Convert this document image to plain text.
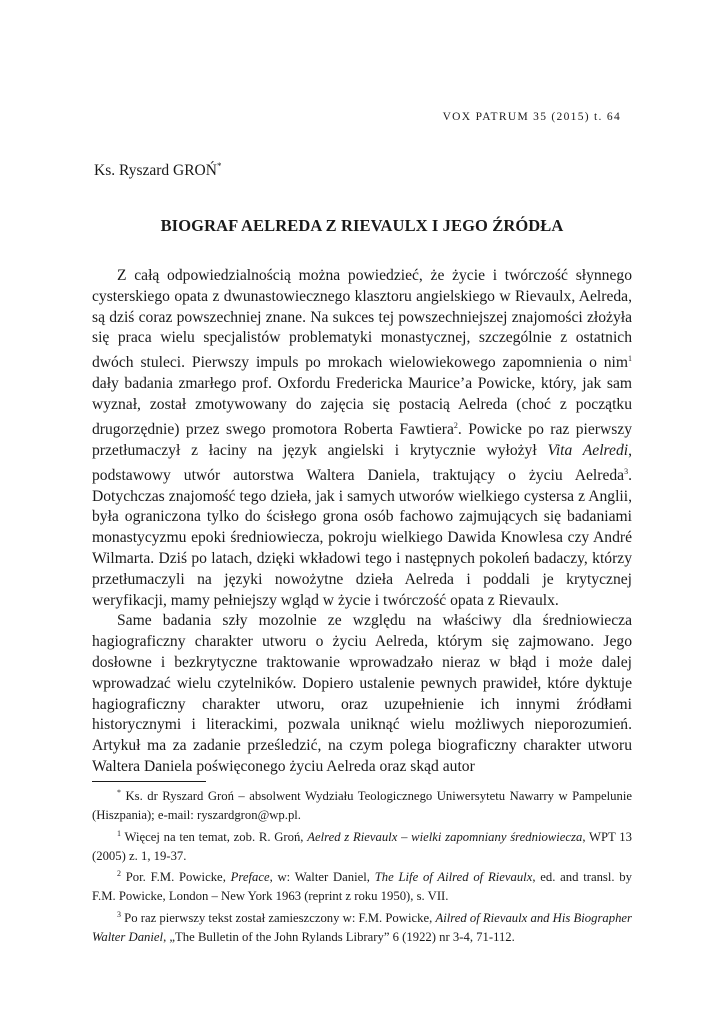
VOX PATRUM 35 (2015) t. 64
Ks. Ryszard GROŃ*
BIOGRAF AELREDA Z RIEVAULX I JEGO ŹRÓDŁA

Z całą odpowiedzialnością można powiedzieć, że życie i twórczość słynnego cysterskiego opata z dwunastowiecznego klasztoru angielskiego w Rievaulx, Aelreda, są dziś coraz powszechniej znane. Na sukces tej powszechniejszej znajomości złożyła się praca wielu specjalistów problematyki monastycznej, szczególnie z ostatnich dwóch stuleci. Pierwszy impuls po mrokach wielowiekowego zapomnienia o nim$^1$ dały badania zmarłego prof. Oxfordu Fredericka Maurice’a Powicke, który, jak sam wyznał, został zmotywowany do zajęcia się postacią Aelreda (choć z początku drugorzędnie) przez swego promotora Roberta Fawtiera$^2$. Powicke po raz pierwszy przetłumaczył z łaciny na język angielski i krytycznie wyłożył Vita Aelredi, podstawowy utwór autorstwa Waltera Daniela, traktujący o życiu Aelreda$^3$. Dotychczas znajomość tego dzieła, jak i samych utworów wielkiego cystersa z Anglii, była ograniczona tylko do ścisłego grona osób fachowo zajmujących się badaniami monastycyzmu epoki średniowiecza, pokroju wielkiego Dawida Knowlesa czy André Wilmarta. Dziś po latach, dzięki wkładowi tego i następnych pokoleń badaczy, którzy przetłumaczyli na języki nowożytne dzieła Aelreda i poddali je krytycznej weryfikacji, mamy pełniejszy wgląd w życie i twórczość opata z Rievaulx.

Same badania szły mozolnie ze względu na właściwy dla średniowiecza hagiograficzny charakter utworu o życiu Aelreda, którym się zajmowano. Jego dosłowne i bezkrytyczne traktowanie wprowadzało nieraz w błąd i może dalej wprowadzać wielu czytelników. Dopiero ustalenie pewnych prawideł, które dyktuje hagiograficzny charakter utworu, oraz uzupełnienie ich innymi źródłami historycznymi i literackimi, pozwala uniknąć wielu możliwych nieporozumień. Artykuł ma za zadanie prześledzić, na czym polega biograficzny charakter utworu Waltera Daniela poświęconego życiu Aelreda oraz skąd autor

* Ks. dr Ryszard Groń – absolwent Wydziału Teologicznego Uniwersytetu Nawarry w Pampelunie (Hiszpania); e-mail: ryszardgron@wp.pl.

$^1$ Więcej na ten temat, zob. R. Groń, Aelred z Rievaulx – wielki zapomniany średniowiecza, WPT 13 (2005) z. 1, 19-37.

$^2$ Por. F.M. Powicke, Preface, w: Walter Daniel, The Life of Ailred of Rievaulx, ed. and transl. by F.M. Powicke, London – New York 1963 (reprint z roku 1950), s. VII.

$^3$ Po raz pierwszy tekst został zamieszczony w: F.M. Powicke, Ailred of Rievaulx and His Biographer Walter Daniel, „The Bulletin of the John Rylands Library” 6 (1922) nr 3-4, 71-112.
